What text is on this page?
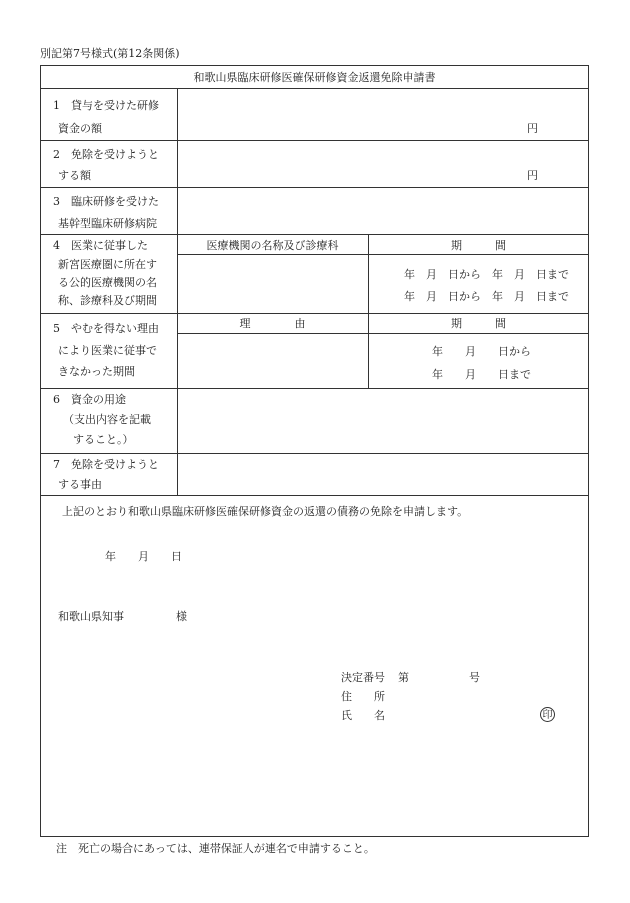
別記第7号様式(第12条関係)
和歌山県臨床研修医確保研修資金返還免除申請書
1　貸与を受けた研修
資金の額	円
2　免除を受けようと
する額	円
3　臨床研修を受けた
基幹型臨床研修病院
4　医業に従事した
新宮医療圏に所在す
る公的医療機関の名
称、診療科及び期間
医療機関の名称及び診療科	期　　　間
年　月　日から　年　月　日まで
年　月　日から　年　月　日まで
5　やむを得ない理由
により医業に従事で
きなかった期間
理　　　　由	期　　　間
年　　月　　日から
年　　月　　日まで
6　資金の用途
（支出内容を記載
すること。）
7　免除を受けようと
する事由
上記のとおり和歌山県臨床研修医確保研修資金の返還の債務の免除を申請します。
年　　月　　日
和歌山県知事	様
決定番号 第	号
住　　所
氏　　名	印
注　死亡の場合にあっては、連帯保証人が連名で申請すること。
